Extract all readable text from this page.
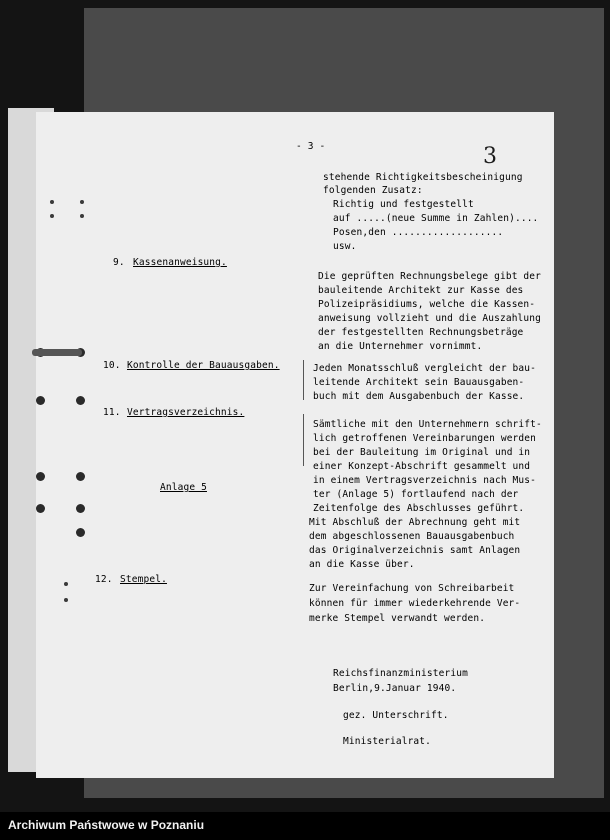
- 3 -	3
stehende Richtigkeitsbescheinigung
folgenden Zusatz:
Richtig und festgestellt
auf .....(neue Summe in Zahlen)....
Posen,den ...................
usw.
9. Kassenanweisung.
Die geprüften Rechnungsbelege gibt der
bauleitende Architekt zur Kasse des
Polizeipräsidiums, welche die Kassen-
anweisung vollzieht und die Auszahlung
der festgestellten Rechnungsbeträge
an die Unternehmer vornimmt.
10. Kontrolle der Bauausgaben.	Jeden Monatsschluß vergleicht der bau-
leitende Architekt sein Bauausgaben-
buch mit dem Ausgabenbuch der Kasse.
11. Vertragsverzeichnis.
Sämtliche mit den Unternehmern schrift-
lich getroffenen Vereinbarungen werden
bei der Bauleitung im Original und in
einer Konzept-Abschrift gesammelt und
in einem Vertragsverzeichnis nach Mus-
ter (Anlage 5) fortlaufend nach der
Zeitenfolge des Abschlusses geführt.
Mit Abschluß der Abrechnung geht mit
dem abgeschlossenen Bauausgabenbuch
das Originalverzeichnis samt Anlagen
an die Kasse über.
Anlage 5
12. Stempel.
Zur Vereinfachung von Schreibarbeit
können für immer wiederkehrende Ver-
merke Stempel verwandt werden.
Reichsfinanzministerium
Berlin,9.Januar 1940.
gez. Unterschrift.
Ministerialrat.
Archiwum Państwowe w Poznaniu
